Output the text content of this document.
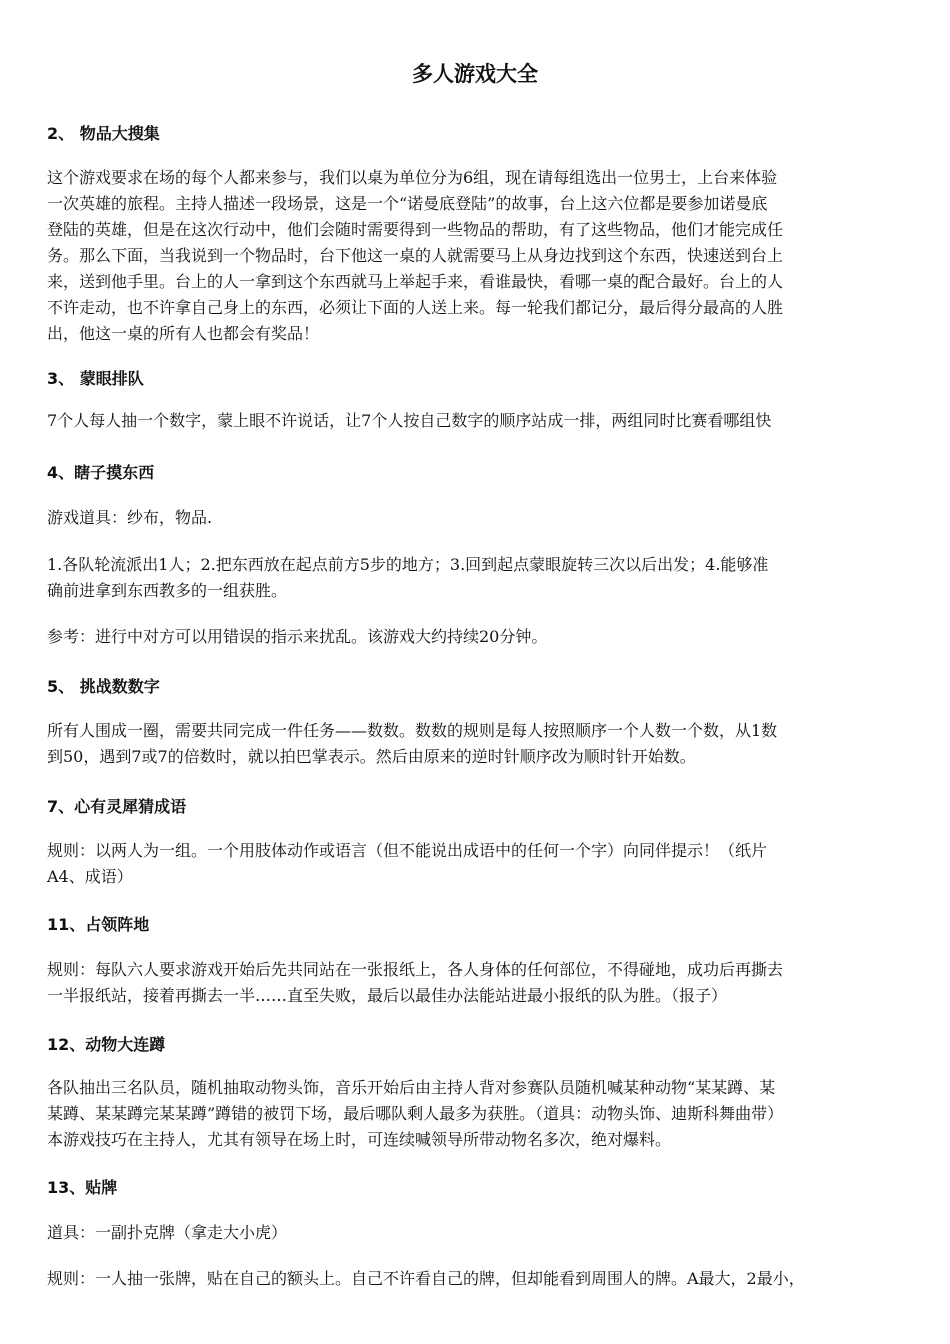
多人游戏大全
2、 物品大搜集
这个游戏要求在场的每个人都来参与，我们以桌为单位分为6组，现在请每组选出一位男士，上台来体验
一次英雄的旅程。主持人描述一段场景，这是一个“诺曼底登陆”的故事，台上这六位都是要参加诺曼底
登陆的英雄，但是在这次行动中，他们会随时需要得到一些物品的帮助，有了这些物品，他们才能完成任
务。那么下面，当我说到一个物品时，台下他这一桌的人就需要马上从身边找到这个东西，快速送到台上
来，送到他手里。台上的人一拿到这个东西就马上举起手来，看谁最快，看哪一桌的配合最好。台上的人
不许走动，也不许拿自己身上的东西，必须让下面的人送上来。每一轮我们都记分，最后得分最高的人胜
出，他这一桌的所有人也都会有奖品！
3、 蒙眼排队
7个人每人抽一个数字，蒙上眼不许说话，让7个人按自己数字的顺序站成一排，两组同时比赛看哪组快
4、瞎子摸东西
游戏道具：纱布，物品.
1.各队轮流派出1人；2.把东西放在起点前方5步的地方；3.回到起点蒙眼旋转三次以后出发；4.能够准
确前进拿到东西教多的一组获胜。
参考：进行中对方可以用错误的指示来扰乱。该游戏大约持续20分钟。
5、 挑战数数字
所有人围成一圈，需要共同完成一件任务——数数。数数的规则是每人按照顺序一个人数一个数，从1数
到50，遇到7或7的倍数时，就以拍巴掌表示。然后由原来的逆时针顺序改为顺时针开始数。
7、心有灵犀猜成语
规则：以两人为一组。一个用肢体动作或语言（但不能说出成语中的任何一个字）向同伴提示！（纸片
A4、成语）
11、占领阵地
规则：每队六人要求游戏开始后先共同站在一张报纸上，各人身体的任何部位，不得碰地，成功后再撕去
一半报纸站，接着再撕去一半……直至失败，最后以最佳办法能站进最小报纸的队为胜。（报子）
12、动物大连蹲
各队抽出三名队员，随机抽取动物头饰，音乐开始后由主持人背对参赛队员随机喊某种动物“某某蹲、某
某蹲、某某蹲完某某蹲”蹲错的被罚下场，最后哪队剩人最多为获胜。（道具：动物头饰、迪斯科舞曲带）
本游戏技巧在主持人，尤其有领导在场上时，可连续喊领导所带动物名多次，绝对爆料。
13、贴牌
道具：一副扑克牌（拿走大小虎）
规则：一人抽一张牌，贴在自己的额头上。自己不许看自己的牌，但却能看到周围人的牌。A最大，2最小，
